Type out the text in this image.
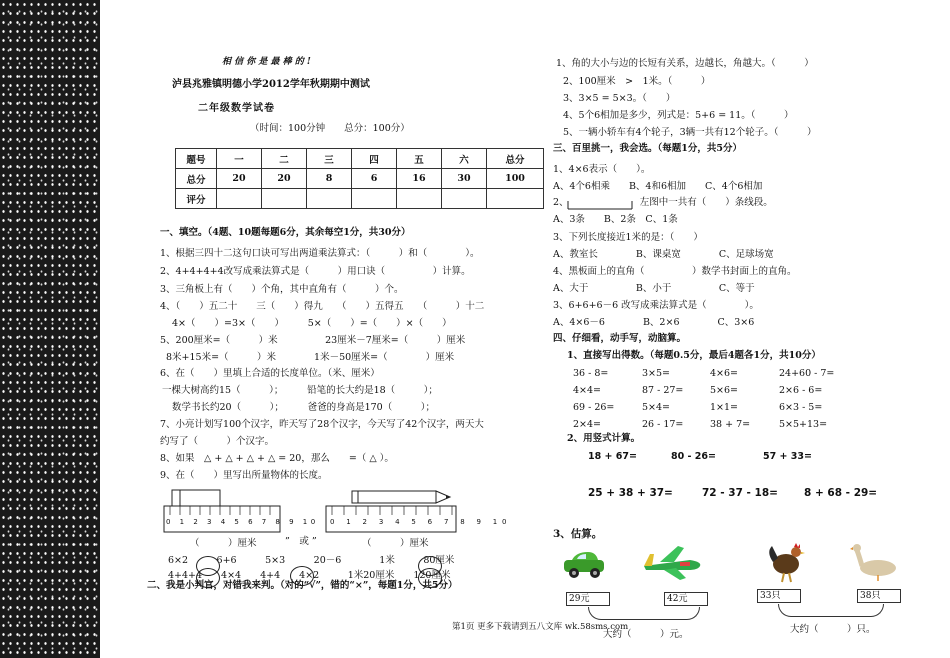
相 信 你 是 最 棒 的 !
泸县兆雅镇明德小学2012学年秋期期中测试
二年级数学试卷
（时间：100分钟　　总分：100分）
题号	一	二	三	四	五	六	总分
总分	20	20	8	6	16	30	100
评分							
一、填空。（4题、10题每题6分，其余每空1分，共30分）
1、根据三四十二这句口诀可写出两道乘法算式：（　　　）和（　　　　）。
2、4+4+4+4改写成乘法算式是（　　　）用口诀（　　　　　）计算。
3、三角板上有（　　）个角，其中直角有（　　　）个。
4、（　　）五二十　　三（　　）得九　　（　　）五得五　　（　　　）十二
4×（　　）=3×（　　）　　　5×（　　）=（　　）×（　　）
5、200厘米=（　　　）米　　　　　23厘米－7厘米=（　　　）厘米
8米+15米=（　　　）米　　　　1米－50厘米=（　　　　）厘米
6、在（　　）里填上合适的长度单位。（米、厘米）
一棵大树高约15（　　　）；　　　铅笔的长大约是18（　　　）；
数学书长约20（　　　）；　　　爸爸的身高是170（　　　）；
7、小亮计划写100个汉字，昨天写了28个汉字，今天写了42个汉字，两天大
约写了（　　　）个汉字。
8、如果　△ + △ + △ + △ = 20，那么　　=（ △ ）。
9、在（　　）里写出所量物体的长度。
0 1 2 3 4 5 6 7 8 9 10 0 1 2 3 4 5 6 7 8 9 10
（　　　）厘米	”　或 ”	（　　　）厘米
6×2　　　6+6　　　5×3　　　20－6　　　　1米　　　80厘米
4+4+4　　4×4　　4+4　　4×2　　　1米20厘米　　120厘米
二、我是小判官，对错我来判。（对的“√”，错的“×”，每题1分，共5分）
1、角的大小与边的长短有关系，边越长，角越大。（　　　）
2、100厘米　>　1米。（　　　）
3、3×5 = 5×3。（　　）
4、5个6相加是多少，列式是：5+6 = 11。（　　　）
5、一辆小轿车有4个轮子，3辆一共有12个轮子。（　　　）
三、百里挑一，我会选。（每题1分，共5分）
1、4×6表示（　　）。
A、4个6相乘　　B、4和6相加　　C、4个6相加
2、　　　　　　　　左图中一共有（　　）条线段。
A、3条　　B、2条　C、1条
3、下列长度接近1米的是：（　　）
A、教室长　　　　B、课桌宽　　　　C、足球场宽
4、黑板面上的直角（　　　　　）数学书封面上的直角。
A、大于　　　　　B、小于　　　　　C、等于
3、6+6+6－6 改写成乘法算式是（　　　　）。
A、4×6－6　　　　B、2×6　　　　C、3×6
四、仔细看，动手写，动脑算。
1、直接写出得数。（每题0.5分，最后4题各1分，共10分）
36 - 8=	3×5=	4×6=	24+60 - 7=
4×4=	87 - 27=	5×6=	2×6 - 6=
69 - 26=	5×4=	1×1=	6×3 - 5=
2×4=	26 - 17=	38 + 7=	5×5+13=
2、用竖式计算。
18 + 67=	80 - 26=	57 + 33=
25 + 38 + 37=	72 - 37 - 18= 8 + 68 - 29=
3、估算。
29元	42元	33只	38只
大约（　　　）元。	大约（　　　）只。
第1页 更多下载请到五八文库 wk.58sms.com
